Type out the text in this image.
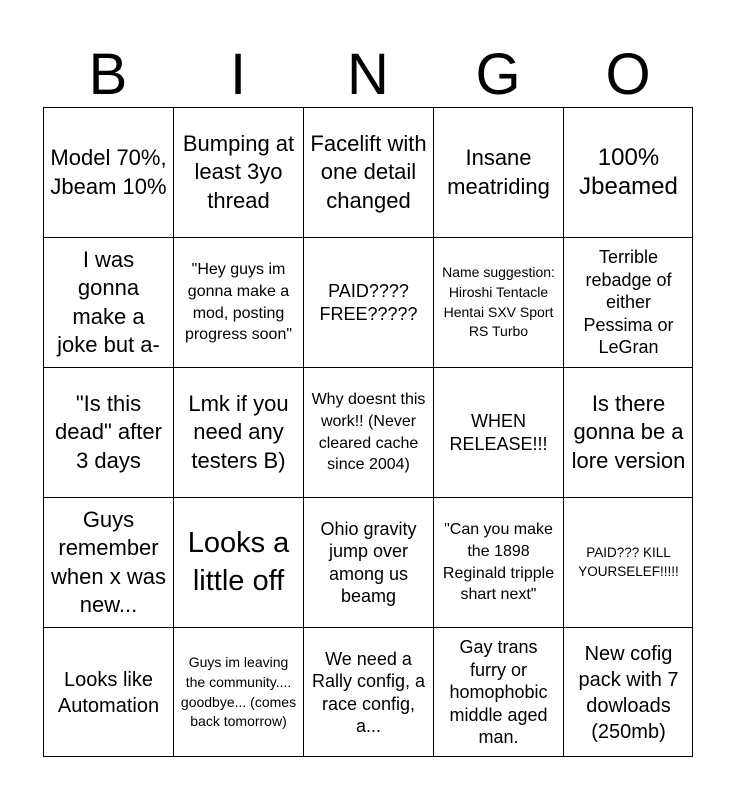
B	I	N	G	O
Model 70%, Jbeam 10%
Bumping at least 3yo thread
Facelift with one detail changed
Insane meatriding
100% Jbeamed
I was gonna make a joke but a-
"Hey guys im gonna make a mod, posting progress soon"
PAID???? FREE?????
Name suggestion: Hiroshi Tentacle Hentai SXV Sport RS Turbo
Terrible rebadge of either Pessima or LeGran
"Is this dead" after 3 days
Lmk if you need any testers B)
Why doesnt this work!! (Never cleared cache since 2004)
WHEN RELEASE!!!
Is there gonna be a lore version
Guys remember when x was new...
Looks a little off
Ohio gravity jump over among us beamg
"Can you make the 1898 Reginald tripple shart next"
PAID??? KILL YOURSELEF!!!!!
Looks like Automation
Guys im leaving the community.... goodbye... (comes back tomorrow)
We need a Rally config, a race config, a...
Gay trans furry or homophobic middle aged man.
New cofig pack with 7 dowloads (250mb)
